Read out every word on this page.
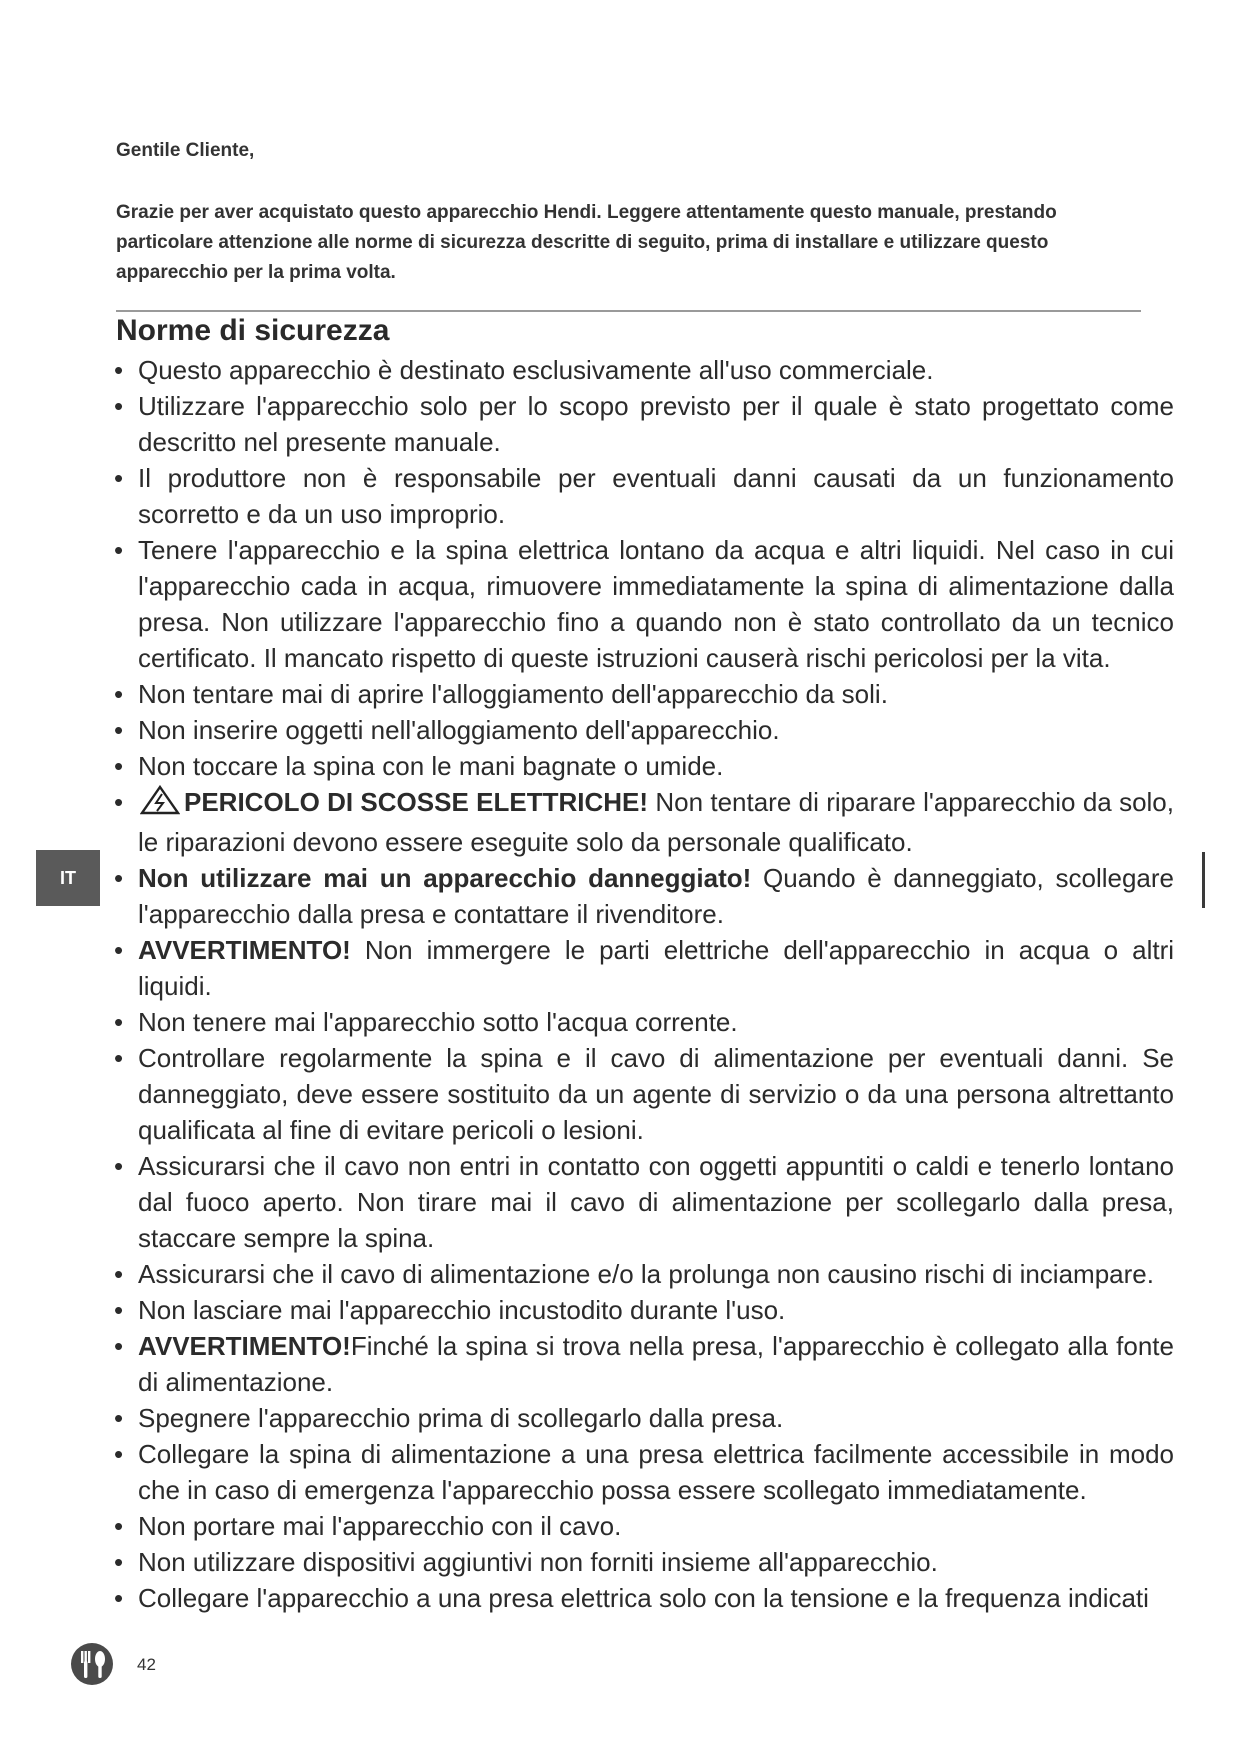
Gentile Cliente,
Grazie per aver acquistato questo apparecchio Hendi. Leggere attentamente questo manuale, prestando particolare attenzione alle norme di sicurezza descritte di seguito, prima di installare e utilizzare questo apparecchio per la prima volta.
Norme di sicurezza
• Questo apparecchio è destinato esclusivamente all'uso commerciale.
• Utilizzare l'apparecchio solo per lo scopo previsto per il quale è stato progettato come descritto nel presente manuale.
• Il produttore non è responsabile per eventuali danni causati da un funzionamento scorretto e da un uso improprio.
• Tenere l'apparecchio e la spina elettrica lontano da acqua e altri liquidi. Nel caso in cui l'apparecchio cada in acqua, rimuovere immediatamente la spina di alimentazione dalla presa. Non utilizzare l'apparecchio fino a quando non è stato controllato da un tecnico certificato. Il mancato rispetto di queste istruzioni causerà rischi pericolosi per la vita.
• Non tentare mai di aprire l'alloggiamento dell'apparecchio da soli.
• Non inserire oggetti nell'alloggiamento dell'apparecchio.
• Non toccare la spina con le mani bagnate o umide.
• PERICOLO DI SCOSSE ELETTRICHE! Non tentare di riparare l'apparecchio da solo, le riparazioni devono essere eseguite solo da personale qualificato.
• Non utilizzare mai un apparecchio danneggiato! Quando è danneggiato, scollegare l'apparecchio dalla presa e contattare il rivenditore.
• AVVERTIMENTO! Non immergere le parti elettriche dell'apparecchio in acqua o altri liquidi.
• Non tenere mai l'apparecchio sotto l'acqua corrente.
• Controllare regolarmente la spina e il cavo di alimentazione per eventuali danni. Se danneggiato, deve essere sostituito da un agente di servizio o da una persona altrettanto qualificata al fine di evitare pericoli o lesioni.
• Assicurarsi che il cavo non entri in contatto con oggetti appuntiti o caldi e tenerlo lontano dal fuoco aperto. Non tirare mai il cavo di alimentazione per scollegarlo dalla presa, staccare sempre la spina.
• Assicurarsi che il cavo di alimentazione e/o la prolunga non causino rischi di inciampare.
• Non lasciare mai l'apparecchio incustodito durante l'uso.
• AVVERTIMENTO!Finché la spina si trova nella presa, l'apparecchio è collegato alla fonte di alimentazione.
• Spegnere l'apparecchio prima di scollegarlo dalla presa.
• Collegare la spina di alimentazione a una presa elettrica facilmente accessibile in modo che in caso di emergenza l'apparecchio possa essere scollegato immediatamente.
• Non portare mai l'apparecchio con il cavo.
• Non utilizzare dispositivi aggiuntivi non forniti insieme all'apparecchio.
• Collegare l'apparecchio a una presa elettrica solo con la tensione e la frequenza indicati
IT
42
